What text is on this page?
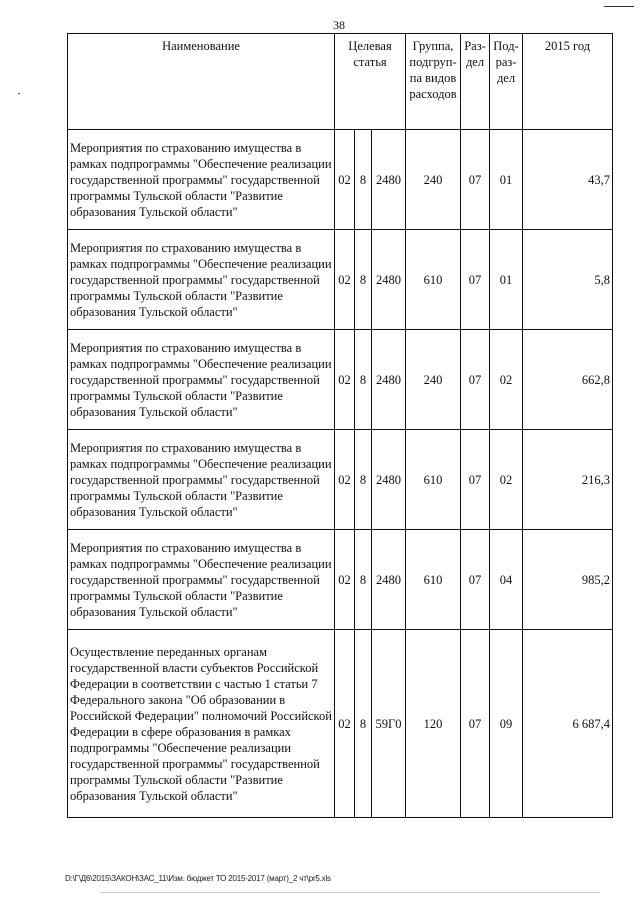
38
Наименование	Целевая статья			Группа, подгруп-па видов расходов	Раз-дел	Под-раз-дел	2015 год

Мероприятия по страхованию имущества в рамках подпрограммы "Обеспечение реализации государственной программы" государственной программы Тульской области "Развитие образования Тульской области"	02	8	2480	240	07	01	43,7

Мероприятия по страхованию имущества в рамках подпрограммы "Обеспечение реализации государственной программы" государственной программы Тульской области "Развитие образования Тульской области"	02	8	2480	610	07	01	5,8

Мероприятия по страхованию имущества в рамках подпрограммы "Обеспечение реализации государственной программы" государственной программы Тульской области "Развитие образования Тульской области"	02	8	2480	240	07	02	662,8

Мероприятия по страхованию имущества в рамках подпрограммы "Обеспечение реализации государственной программы" государственной программы Тульской области "Развитие образования Тульской области"	02	8	2480	610	07	02	216,3

Мероприятия по страхованию имущества в рамках подпрограммы "Обеспечение реализации государственной программы" государственной программы Тульской области "Развитие образования Тульской области"	02	8	2480	610	07	04	985,2

Осуществление переданных органам государственной власти субъектов Российской Федерации в соответствии с частью 1 статьи 7 Федерального закона "Об образовании в Российской Федерации" полномочий Российской Федерации в сфере образования в рамках подпрограммы "Обеспечение реализации государственной программы" государственной программы Тульской области "Развитие образования Тульской области"	02	8	59Г0	120	07	09	6 687,4
D:\Г\Д6\2015\ЗАКОН\ЗАС_11\Изм. бюджет ТО 2015-2017 (март)_2 чт\pr5.xls
